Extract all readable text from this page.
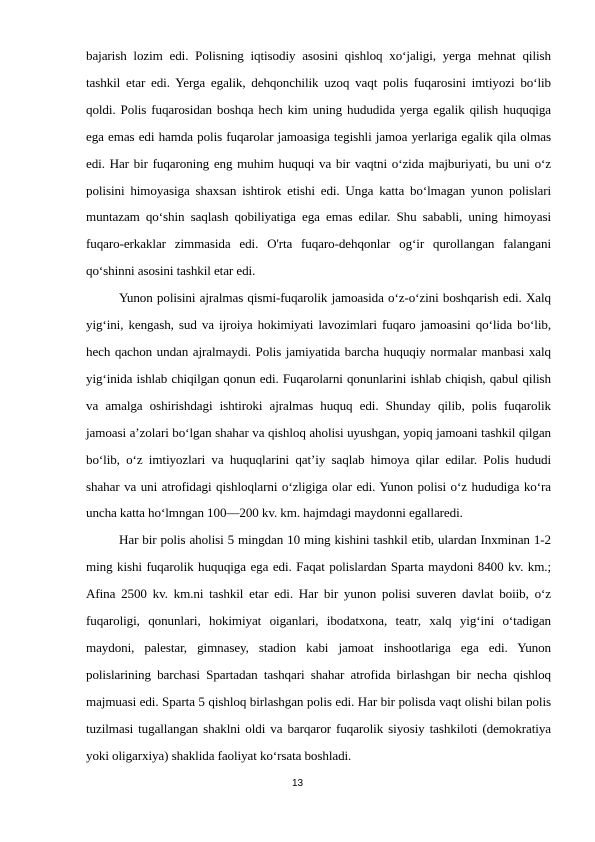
bajarish lozim edi. Polisning iqtisodiy asosini qishloq xo‘jaligi, yerga mehnat qilish tashkil etar edi. Yerga egalik, dehqonchilik uzoq vaqt polis fuqarosini imtiyozi bo‘lib qoldi. Polis fuqarosidan boshqa hech kim uning hududida yerga egalik qilish huquqiga ega emas edi hamda polis fuqarolar jamoasiga tegishli jamoa yerlariga egalik qila olmas edi. Har bir fuqaroning eng muhim huquqi va bir vaqtni o‘zida majburiyati, bu uni o‘z polisini himoyasiga shaxsan ishtirok etishi edi. Unga katta bo‘lmagan yunon polislari muntazam qo‘shin saqlash qobiliyatiga ega emas edilar. Shu sababli, uning himoyasi fuqaro-erkaklar zimmasida edi. O'rta fuqaro-dehqonlar og‘ir qurollangan falangani qo‘shinni asosini tashkil etar edi.

Yunon polisini ajralmas qismi-fuqarolik jamoasida o‘z-o‘zini boshqarish edi. Xalq yig‘ini, kengash, sud va ijroiya hokimiyati lavozimlari fuqaro jamoasini qo‘lida bo‘lib, hech qachon undan ajralmaydi. Polis jamiyatida barcha huquqiy normalar manbasi xalq yig‘inida ishlab chiqilgan qonun edi. Fuqarolarni qonunlarini ishlab chiqish, qabul qilish va amalga oshirishdagi ishtiroki ajralmas huquq edi. Shunday qilib, polis fuqarolik jamoasi a’zolari bo‘lgan shahar va qishloq aholisi uyushgan, yopiq jamoani tashkil qilgan bo‘lib, o‘z imtiyozlari va huquqlarini qat’iy saqlab himoya qilar edilar. Polis hududi shahar va uni atrofidagi qishloqlarni o‘zligiga olar edi. Yunon polisi o‘z hududiga ko‘ra uncha katta ho‘lmngan 100—200 kv. km. hajmdagi maydonni egallaredi.

Har bir polis aholisi 5 mingdan 10 ming kishini tashkil etib, ulardan Inxminan 1-2 ming kishi fuqarolik huquqiga ega edi. Faqat polislardan Sparta maydoni 8400 kv. km.; Afina 2500 kv. km.ni tashkil etar edi. Har bir yunon polisi suveren davlat boiib, o‘z fuqaroligi, qonunlari, hokimiyat oiganlari, ibodatxona, teatr, xalq yig‘ini o‘tadigan maydoni, palestar, gimnasey, stadion kabi jamoat inshootlariga ega edi. Yunon polislarining barchasi Spartadan tashqari shahar atrofida birlashgan bir necha qishloq majmuasi edi. Sparta 5 qishloq birlashgan polis edi. Har bir polisda vaqt olishi bilan polis tuzilmasi tugallangan shaklni oldi va barqaror fuqarolik siyosiy tashkiloti (demokratiya yoki oligarxiya) shaklida faoliyat ko‘rsata boshladi.

13
